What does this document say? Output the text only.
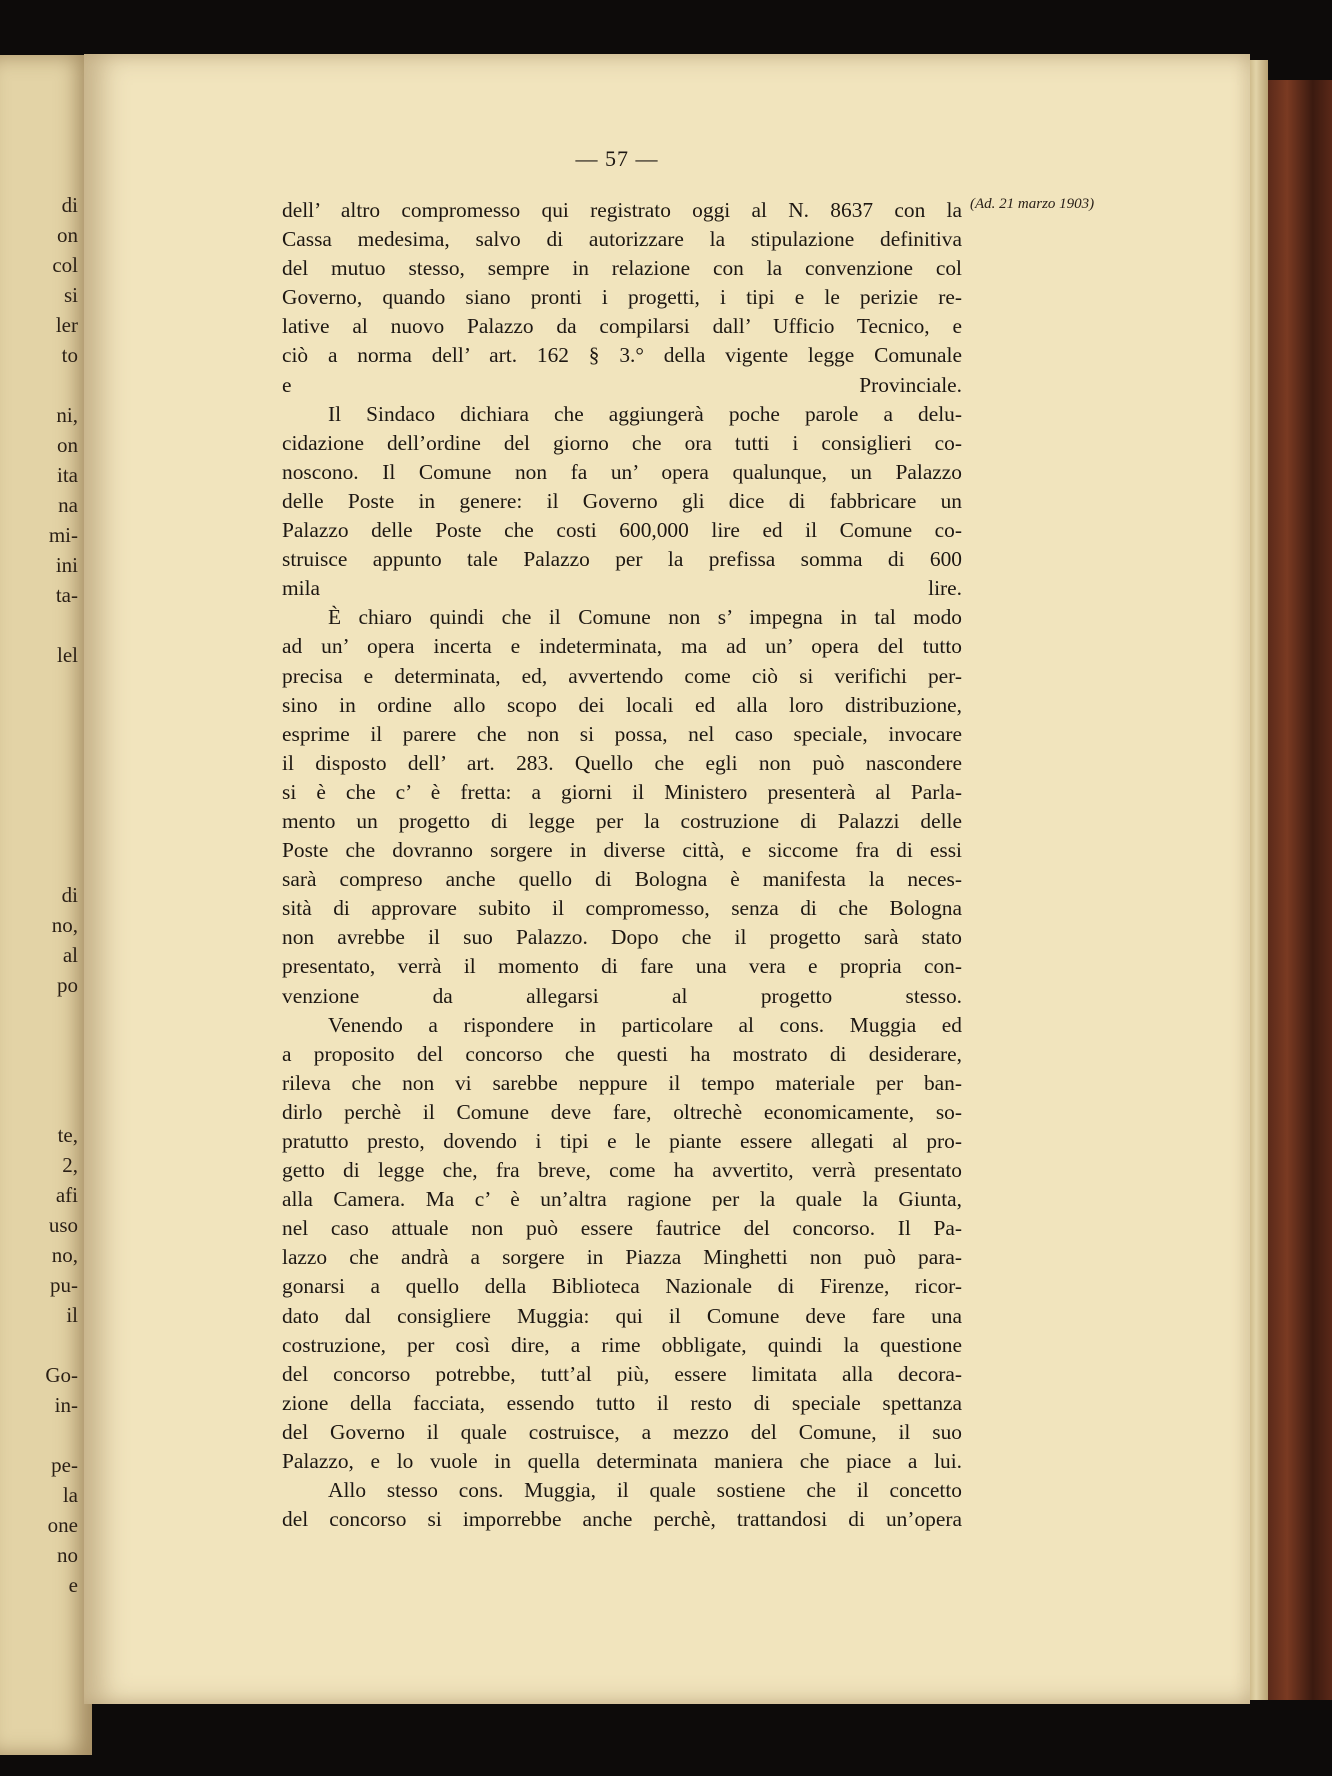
di
on
col
si
ler
to
ni,
on
ita
na
mi-
ini
ta-
lel
di
no,
al
po
te,
2,
afi
uso
no,
pu-
il
Go-
in-
pe-
la
one
no
e
— 57 —
(Ad. 21 marzo 1903)

dell’ altro compromesso qui registrato oggi al N. 8637 con la
Cassa medesima, salvo di autorizzare la stipulazione definitiva
del mutuo stesso, sempre in relazione con la convenzione col
Governo, quando siano pronti i progetti, i tipi e le perizie re-
lative al nuovo Palazzo da compilarsi dall’ Ufficio Tecnico, e
ciò a norma dell’ art. 162 § 3.° della vigente legge Comunale
e Provinciale.

Il Sindaco dichiara che aggiungerà poche parole a delu-
cidazione dell’ordine del giorno che ora tutti i consiglieri co-
noscono. Il Comune non fa un’ opera qualunque, un Palazzo
delle Poste in genere: il Governo gli dice di fabbricare un
Palazzo delle Poste che costi 600,000 lire ed il Comune co-
struisce appunto tale Palazzo per la prefissa somma di 600
mila lire.

È chiaro quindi che il Comune non s’ impegna in tal modo
ad un’ opera incerta e indeterminata, ma ad un’ opera del tutto
precisa e determinata, ed, avvertendo come ciò si verifichi per-
sino in ordine allo scopo dei locali ed alla loro distribuzione,
esprime il parere che non si possa, nel caso speciale, invocare
il disposto dell’ art. 283. Quello che egli non può nascondere
si è che c’ è fretta: a giorni il Ministero presenterà al Parla-
mento un progetto di legge per la costruzione di Palazzi delle
Poste che dovranno sorgere in diverse città, e siccome fra di essi
sarà compreso anche quello di Bologna è manifesta la neces-
sità di approvare subito il compromesso, senza di che Bologna
non avrebbe il suo Palazzo. Dopo che il progetto sarà stato
presentato, verrà il momento di fare una vera e propria con-
venzione da allegarsi al progetto stesso.

Venendo a rispondere in particolare al cons. Muggia ed
a proposito del concorso che questi ha mostrato di desiderare,
rileva che non vi sarebbe neppure il tempo materiale per ban-
dirlo perchè il Comune deve fare, oltrechè economicamente, so-
pratutto presto, dovendo i tipi e le piante essere allegati al pro-
getto di legge che, fra breve, come ha avvertito, verrà presentato
alla Camera. Ma c’ è un’altra ragione per la quale la Giunta,
nel caso attuale non può essere fautrice del concorso. Il Pa-
lazzo che andrà a sorgere in Piazza Minghetti non può para-
gonarsi a quello della Biblioteca Nazionale di Firenze, ricor-
dato dal consigliere Muggia: qui il Comune deve fare una
costruzione, per così dire, a rime obbligate, quindi la questione
del concorso potrebbe, tutt’al più, essere limitata alla decora-
zione della facciata, essendo tutto il resto di speciale spettanza
del Governo il quale costruisce, a mezzo del Comune, il suo
Palazzo, e lo vuole in quella determinata maniera che piace a lui.

Allo stesso cons. Muggia, il quale sostiene che il concetto
del concorso si imporrebbe anche perchè, trattandosi di un’opera
